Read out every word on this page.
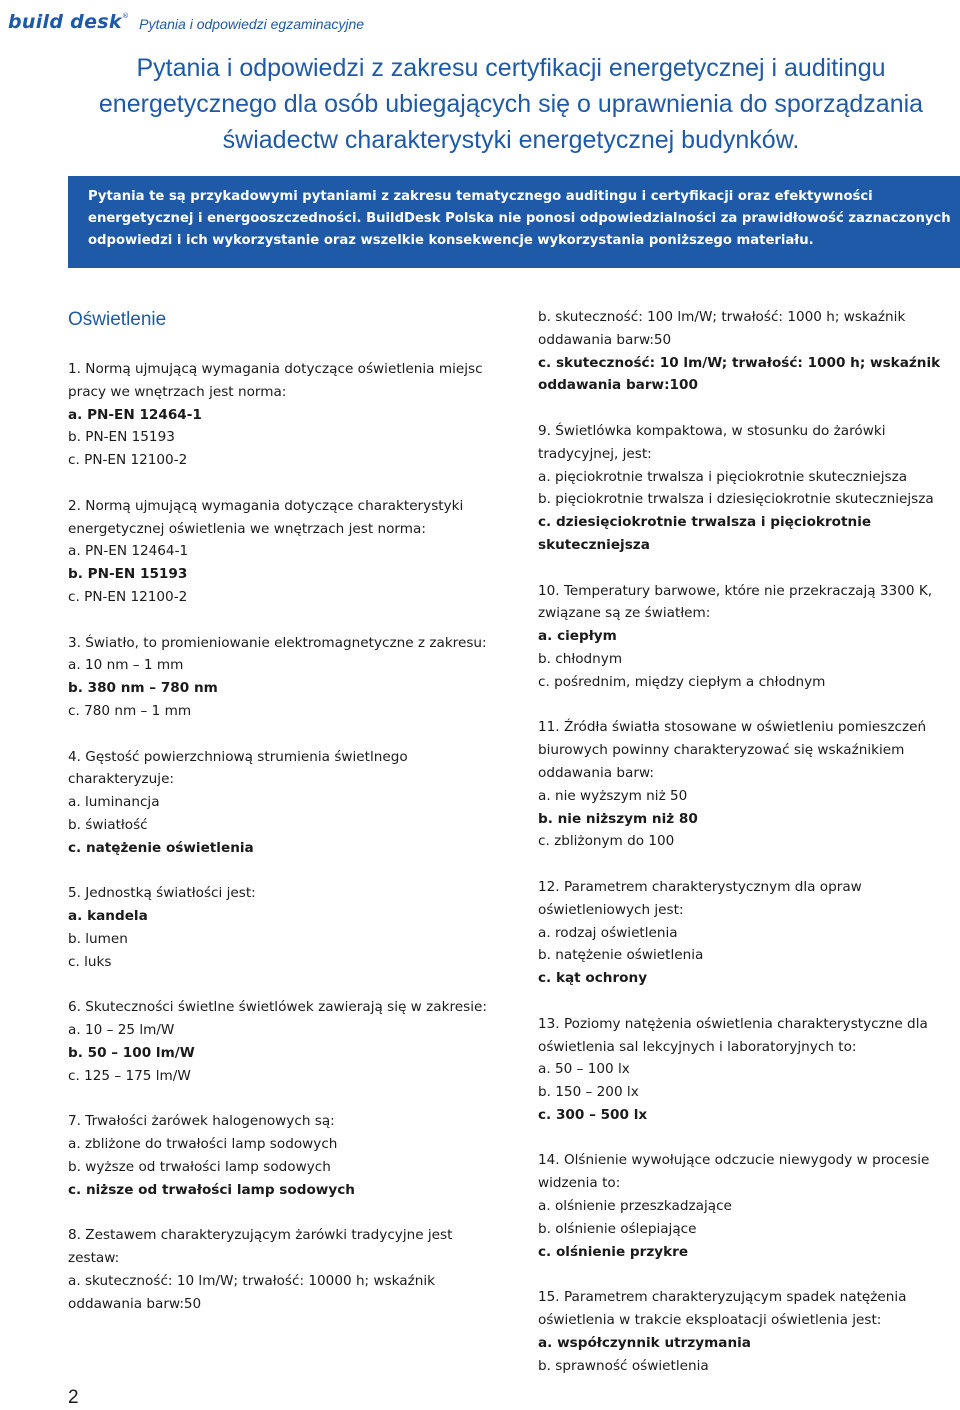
build desk® Pytania i odpowiedzi egzaminacyjne
Pytania i odpowiedzi z zakresu certyfikacji energetycznej i auditingu energetycznego dla osób ubiegających się o uprawnienia do sporządzania świadectw charakterystyki energetycznej budynków.
Pytania te są przykadowymi pytaniami z zakresu tematycznego auditingu i certyfikacji oraz efektywności energetycznej i energooszczedności. BuildDesk Polska nie ponosi odpowiedzialności za prawidłowość zaznaczonych odpowiedzi i ich wykorzystanie oraz wszelkie konsekwencje wykorzystania poniższego materiału.
Oświetlenie
1. Normą ujmującą wymagania dotyczące oświetlenia miejsc pracy we wnętrzach jest norma:
a. PN-EN 12464-1
b. PN-EN 15193
c. PN-EN 12100-2
2. Normą ujmującą wymagania dotyczące charakterystyki energetycznej oświetlenia we wnętrzach jest norma:
a. PN-EN 12464-1
b. PN-EN 15193
c. PN-EN 12100-2
3. Światło, to promieniowanie elektromagnetyczne z zakresu:
a. 10 nm – 1 mm
b. 380 nm – 780 nm
c. 780 nm – 1 mm
4. Gęstość powierzchniową strumienia świetlnego charakteryzuje:
a. luminancja
b. światłość
c. natężenie oświetlenia
5. Jednostką światłości jest:
a. kandela
b. lumen
c. luks
6. Skuteczności świetlne świetlówek zawierają się w zakresie:
a. 10 – 25 lm/W
b. 50 – 100 lm/W
c. 125 – 175 lm/W
7. Trwałości żarówek halogenowych są:
a. zbliżone do trwałości lamp sodowych
b. wyższe od trwałości lamp sodowych
c. niższe od trwałości lamp sodowych
8. Zestawem charakteryzującym żarówki tradycyjne jest zestaw:
a. skuteczność: 10 lm/W; trwałość: 10000 h; wskaźnik oddawania barw:50
b. skuteczność: 100 lm/W; trwałość: 1000 h; wskaźnik oddawania barw:50
c. skuteczność: 10 lm/W; trwałość: 1000 h; wskaźnik oddawania barw:100
9. Świetlówka kompaktowa, w stosunku do żarówki tradycyjnej, jest:
a. pięciokrotnie trwalsza i pięciokrotnie skuteczniejsza
b. pięciokrotnie trwalsza i dziesięciokrotnie skuteczniejsza
c. dziesięciokrotnie trwalsza i pięciokrotnie skuteczniejsza
10. Temperatury barwowe, które nie przekraczają 3300 K, związane są ze światłem:
a. ciepłym
b. chłodnym
c. pośrednim, między ciepłym a chłodnym
11. Źródła światła stosowane w oświetleniu pomieszczeń biurowych powinny charakteryzować się wskaźnikiem oddawania barw:
a. nie wyższym niż 50
b. nie niższym niż 80
c. zbliżonym do 100
12. Parametrem charakterystycznym dla opraw oświetleniowych jest:
a. rodzaj oświetlenia
b. natężenie oświetlenia
c. kąt ochrony
13. Poziomy natężenia oświetlenia charakterystyczne dla oświetlenia sal lekcyjnych i laboratoryjnych to:
a. 50 – 100 lx
b. 150 – 200 lx
c. 300 – 500 lx
14. Olśnienie wywołujące odczucie niewygody w procesie widzenia to:
a. olśnienie przeszkadzające
b. olśnienie oślepiające
c. olśnienie przykre
15. Parametrem charakteryzującym spadek natężenia oświetlenia w trakcie eksploatacji oświetlenia jest:
a. współczynnik utrzymania
b. sprawność oświetlenia
2
